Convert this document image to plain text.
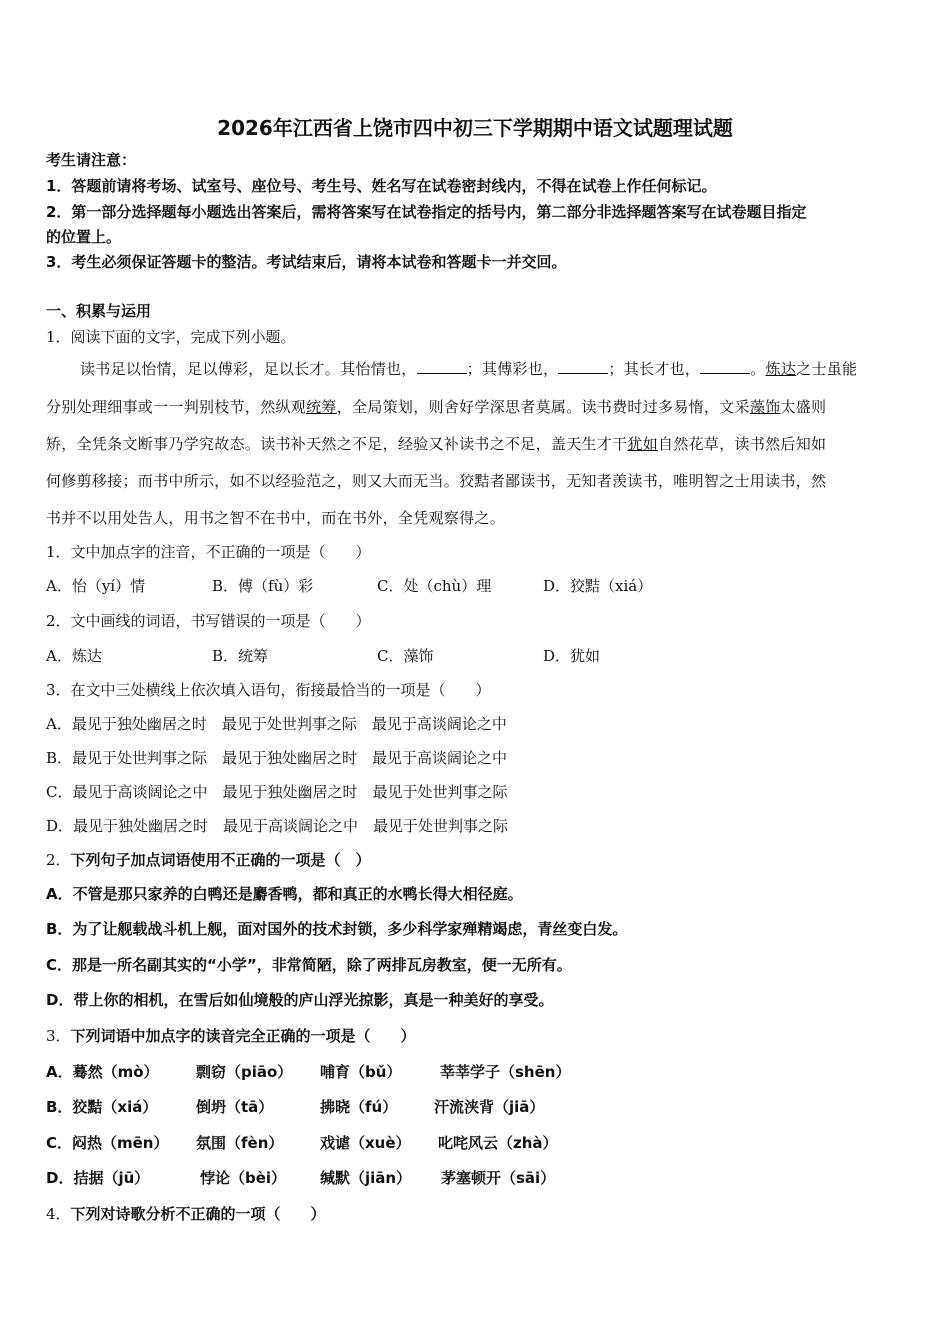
2026年江西省上饶市四中初三下学期期中语文试题理试题
考生请注意：
1．答题前请将考场、试室号、座位号、考生号、姓名写在试卷密封线内，不得在试卷上作任何标记。
2．第一部分选择题每小题选出答案后，需将答案写在试卷指定的括号内，第二部分非选择题答案写在试卷题目指定
的位置上。
3．考生必须保证答题卡的整洁。考试结束后，请将本试卷和答题卡一并交回。
一、积累与运用
1．阅读下面的文字，完成下列小题。
读书足以怡情，足以傅彩，足以长才。其怡情也，	；其傅彩也，	；其长才也，	。炼达之士虽能
分别处理细事或一一判别枝节，然纵观统筹，全局策划，则舍好学深思者莫属。读书费时过多易惰，文采藻饰太盛则
矫，全凭条文断事乃学究故态。读书补天然之不足，经验又补读书之不足，盖天生才干犹如自然花草，读书然后知如
何修剪移接；而书中所示，如不以经验范之，则又大而无当。狡黠者鄙读书，无知者羡读书，唯明智之士用读书，然
书并不以用处告人，用书之智不在书中，而在书外，全凭观察得之。
1．文中加点字的注音，不正确的一项是（　　）
A．怡（yí）情	B．傅（fù）彩	C．处（chù）理	D．狡黠（xiá）
2．文中画线的词语，书写错误的一项是（　　）
A．炼达	B．统筹	C．藻饰	D．犹如
3．在文中三处横线上依次填入语句，衔接最恰当的一项是（　　）
A．最见于独处幽居之时　最见于处世判事之际　最见于高谈阔论之中
B．最见于处世判事之际　最见于独处幽居之时　最见于高谈阔论之中
C．最见于高谈阔论之中　最见于独处幽居之时　最见于处世判事之际
D．最见于独处幽居之时　最见于高谈阔论之中　最见于处世判事之际
2．下列句子加点词语使用不正确的一项是（　）
A．不管是那只家养的白鸭还是麝香鸭，都和真正的水鸭长得大相径庭。
B．为了让舰载战斗机上舰，面对国外的技术封锁，多少科学家殚精竭虑，青丝变白发。
C．那是一所名副其实的“小学”，非常简陋，除了两排瓦房教室，便一无所有。
D．带上你的相机，在雪后如仙境般的庐山浮光掠影，真是一种美好的享受。
3．下列词语中加点字的读音完全正确的一项是（　　）
A．蓦然（mò） 剽窃（piāo） 哺育（bǔ）	莘莘学子（shēn）
B．狡黠（xiá）	倒坍（tā）	拂晓（fú） 汗流浃背（jiā）
C．闷热（mēn） 氛围（fèn） 戏谑（xuè） 叱咤风云（zhà）
D．拮据（jū）	悖论（bèi） 缄默（jiān） 茅塞顿开（sāi）
4．下列对诗歌分析不正确的一项（　　）
